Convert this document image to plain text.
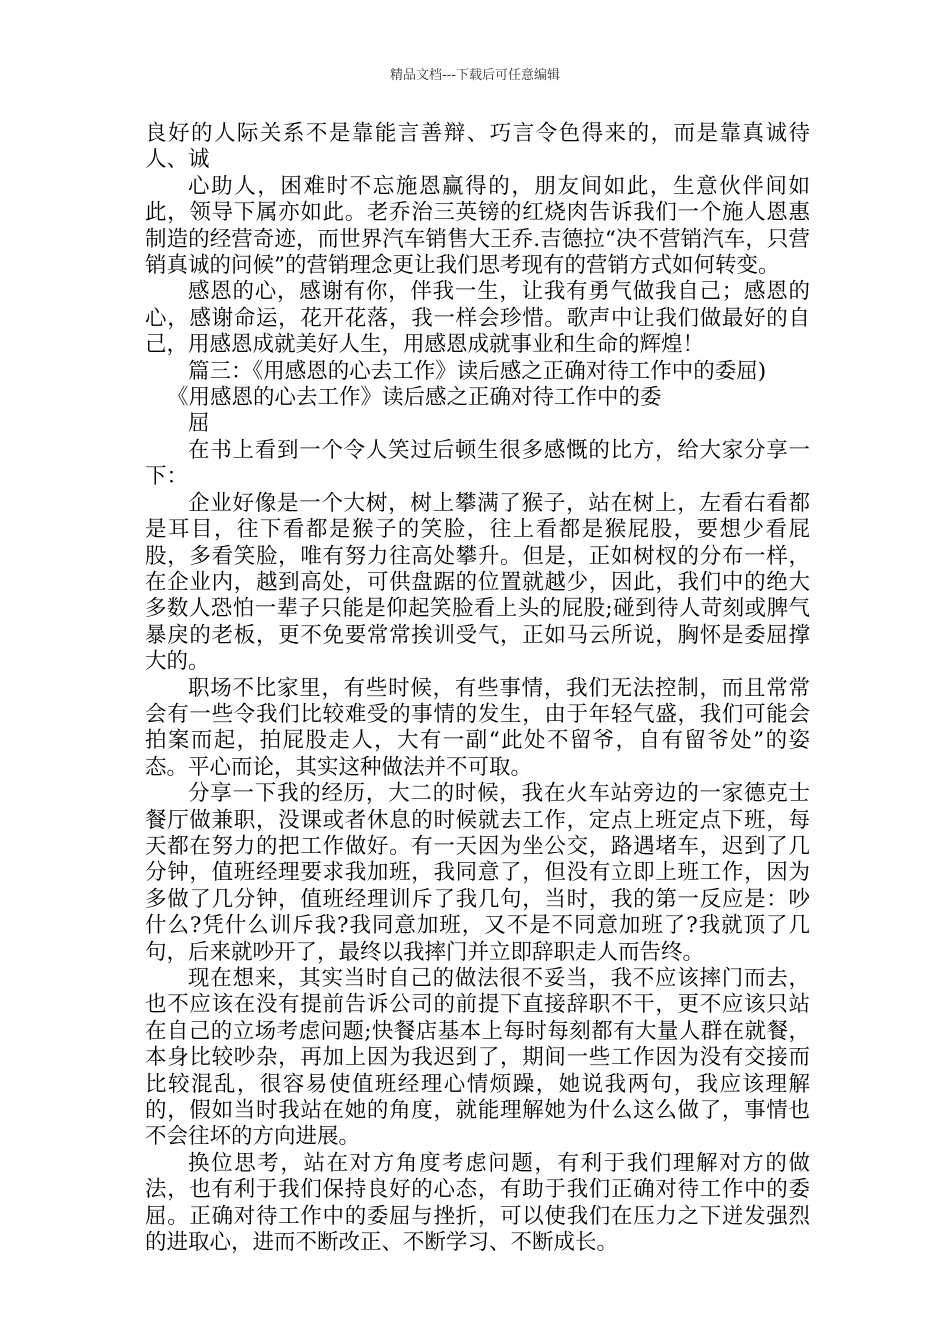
精品文档---下载后可任意编辑

良好的人际关系不是靠能言善辩、巧言令色得来的，而是靠真诚待人、诚

心助人，困难时不忘施恩赢得的，朋友间如此，生意伙伴间如此，领导下属亦如此。老乔治三英镑的红烧肉告诉我们一个施人恩惠制造的经营奇迹，而世界汽车销售大王乔.吉德拉“决不营销汽车，只营销真诚的问候”的营销理念更让我们思考现有的营销方式如何转变。

感恩的心，感谢有你，伴我一生，让我有勇气做我自己；感恩的心，感谢命运，花开花落，我一样会珍惜。歌声中让我们做最好的自己，用感恩成就美好人生，用感恩成就事业和生命的辉煌！

篇三：《用感恩的心去工作》读后感之正确对待工作中的委屈)

《用感恩的心去工作》读后感之正确对待工作中的委

屈

在书上看到一个令人笑过后顿生很多感慨的比方，给大家分享一下：

企业好像是一个大树，树上攀满了猴子，站在树上，左看右看都是耳目，往下看都是猴子的笑脸，往上看都是猴屁股，要想少看屁股，多看笑脸，唯有努力往高处攀升。但是，正如树杈的分布一样，在企业内，越到高处，可供盘踞的位置就越少，因此，我们中的绝大多数人恐怕一辈子只能是仰起笑脸看上头的屁股;碰到待人苛刻或脾气暴戾的老板，更不免要常常挨训受气，正如马云所说，胸怀是委屈撑大的。

职场不比家里，有些时候，有些事情，我们无法控制，而且常常会有一些令我们比较难受的事情的发生，由于年轻气盛，我们可能会拍案而起，拍屁股走人，大有一副“此处不留爷，自有留爷处”的姿态。平心而论，其实这种做法并不可取。

分享一下我的经历，大二的时候，我在火车站旁边的一家德克士餐厅做兼职，没课或者休息的时候就去工作，定点上班定点下班，每天都在努力的把工作做好。有一天因为坐公交，路遇堵车，迟到了几分钟，值班经理要求我加班，我同意了，但没有立即上班工作，因为多做了几分钟，值班经理训斥了我几句，当时，我的第一反应是：吵什么?凭什么训斥我?我同意加班，又不是不同意加班了?我就顶了几句，后来就吵开了，最终以我摔门并立即辞职走人而告终。

现在想来，其实当时自己的做法很不妥当，我不应该摔门而去，也不应该在没有提前告诉公司的前提下直接辞职不干，更不应该只站在自己的立场考虑问题;快餐店基本上每时每刻都有大量人群在就餐，本身比较吵杂，再加上因为我迟到了，期间一些工作因为没有交接而比较混乱，很容易使值班经理心情烦躁，她说我两句，我应该理解的，假如当时我站在她的角度，就能理解她为什么这么做了，事情也不会往坏的方向进展。

换位思考，站在对方角度考虑问题，有利于我们理解对方的做法，也有利于我们保持良好的心态，有助于我们正确对待工作中的委屈。正确对待工作中的委屈与挫折，可以使我们在压力之下迸发强烈的进取心，进而不断改正、不断学习、不断成长。
